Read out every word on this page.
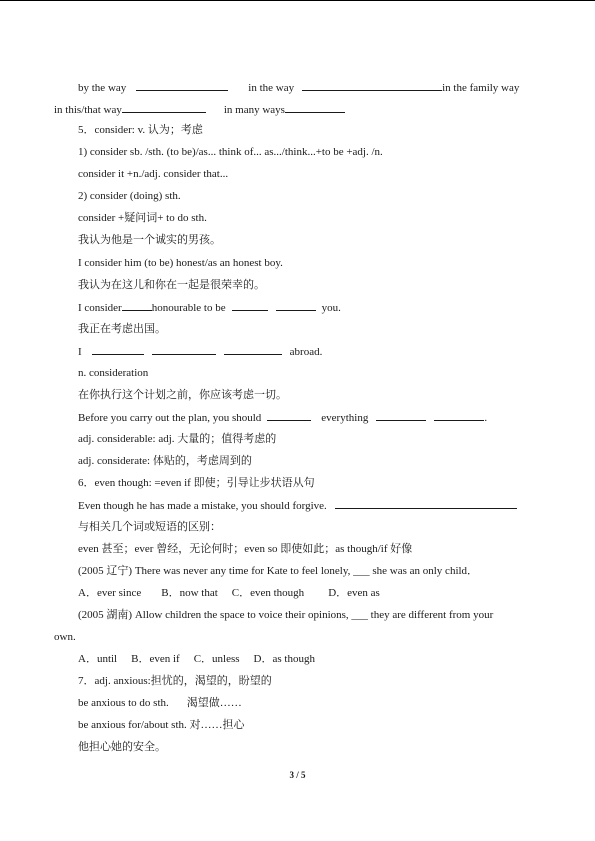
by the way	in the way	in the family way
in this/that way	in many ways
5．consider: v. 认为；考虑
1) consider sb. /sth. (to be)/as... think of... as.../think...+to be +adj. /n.
consider it +n./adj. consider that...
2) consider (doing) sth.
consider +疑问词+ to do sth.
我认为他是一个诚实的男孩。
I consider him (to be) honest/as an honest boy.
我认为在这儿和你在一起是很荣幸的。
I consider	honourable to be	you.
我正在考虑出国。
I	abroad.
n. consideration
在你执行这个计划之前，你应该考虑一切。
Before you carry out the plan, you should	everything	.
adj. considerable: adj. 大量的；值得考虑的
adj. considerate: 体贴的，考虑周到的
6．even though: =even if 即使；引导让步状语从句
Even though he has made a mistake, you should forgive.
与相关几个词或短语的区别：
even 甚至；ever 曾经，无论何时；even so 即使如此；as though/if 好像
(2005 辽宁) There was never any time for Kate to feel lonely, ___ she was an only child．
A．ever since B．now that C．even though D．even as
(2005 湖南) Allow children the space to voice their opinions, ___ they are different from your
own.
A．until B．even if C．unless D．as though
7．adj. anxious:担忧的，渴望的，盼望的
be anxious to do sth. 渴望做……
be anxious for/about sth. 对……担心
他担心她的安全。
3 / 5
